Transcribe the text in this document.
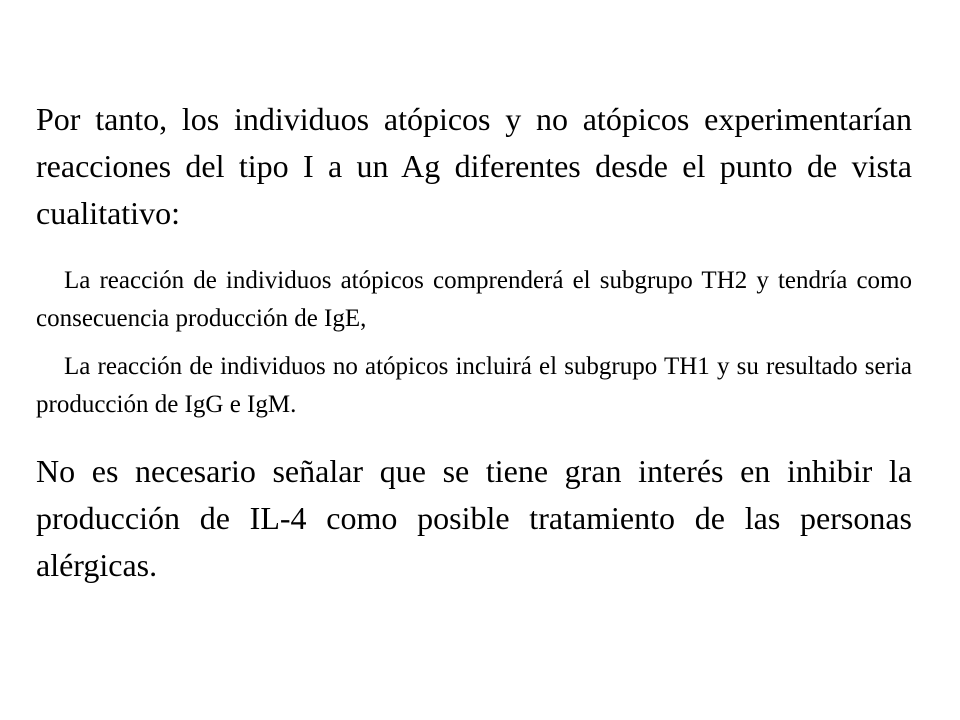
Por tanto, los individuos atópicos y no atópicos experimentarían reacciones del tipo I a un Ag diferentes desde el punto de vista cualitativo:

La reacción de individuos atópicos comprenderá el subgrupo TH2 y tendría como consecuencia producción de IgE,

La reacción de individuos no atópicos incluirá el subgrupo TH1 y su resultado seria producción de IgG e IgM.

No es necesario señalar que se tiene gran interés en inhibir la producción de IL-4 como posible tratamiento de las personas alérgicas.
